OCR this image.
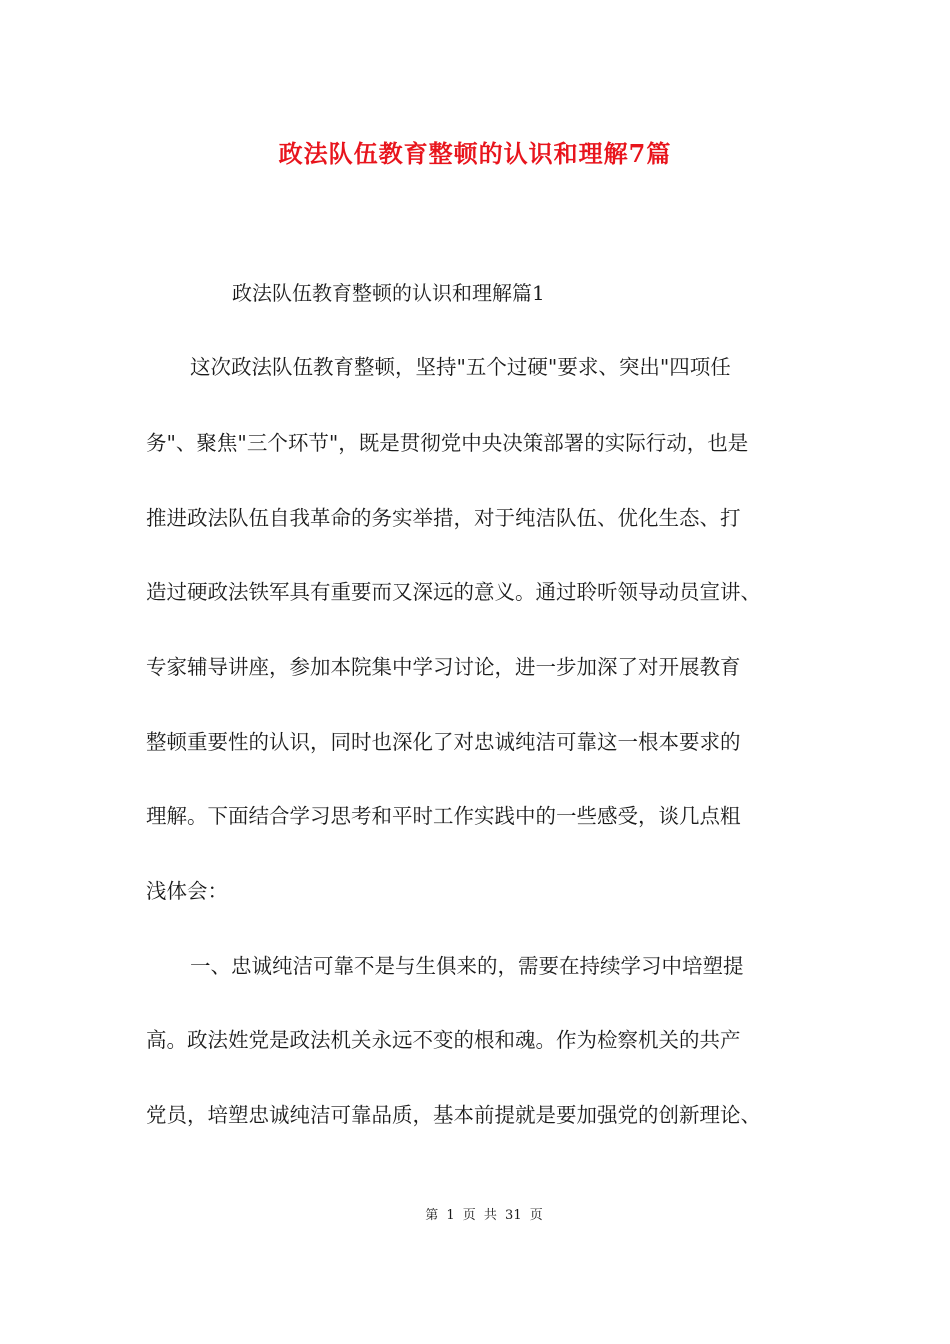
政法队伍教育整顿的认识和理解7篇

政法队伍教育整顿的认识和理解篇1

这次政法队伍教育整顿，坚持"五个过硬"要求、突出"四项任

务"、聚焦"三个环节"，既是贯彻党中央决策部署的实际行动，也是

推进政法队伍自我革命的务实举措，对于纯洁队伍、优化生态、打

造过硬政法铁军具有重要而又深远的意义。通过聆听领导动员宣讲、

专家辅导讲座，参加本院集中学习讨论，进一步加深了对开展教育

整顿重要性的认识，同时也深化了对忠诚纯洁可靠这一根本要求的

理解。下面结合学习思考和平时工作实践中的一些感受，谈几点粗

浅体会：

一、忠诚纯洁可靠不是与生俱来的，需要在持续学习中培塑提

高。政法姓党是政法机关永远不变的根和魂。作为检察机关的共产

党员，培塑忠诚纯洁可靠品质，基本前提就是要加强党的创新理论、

第 1 页 共 31 页
